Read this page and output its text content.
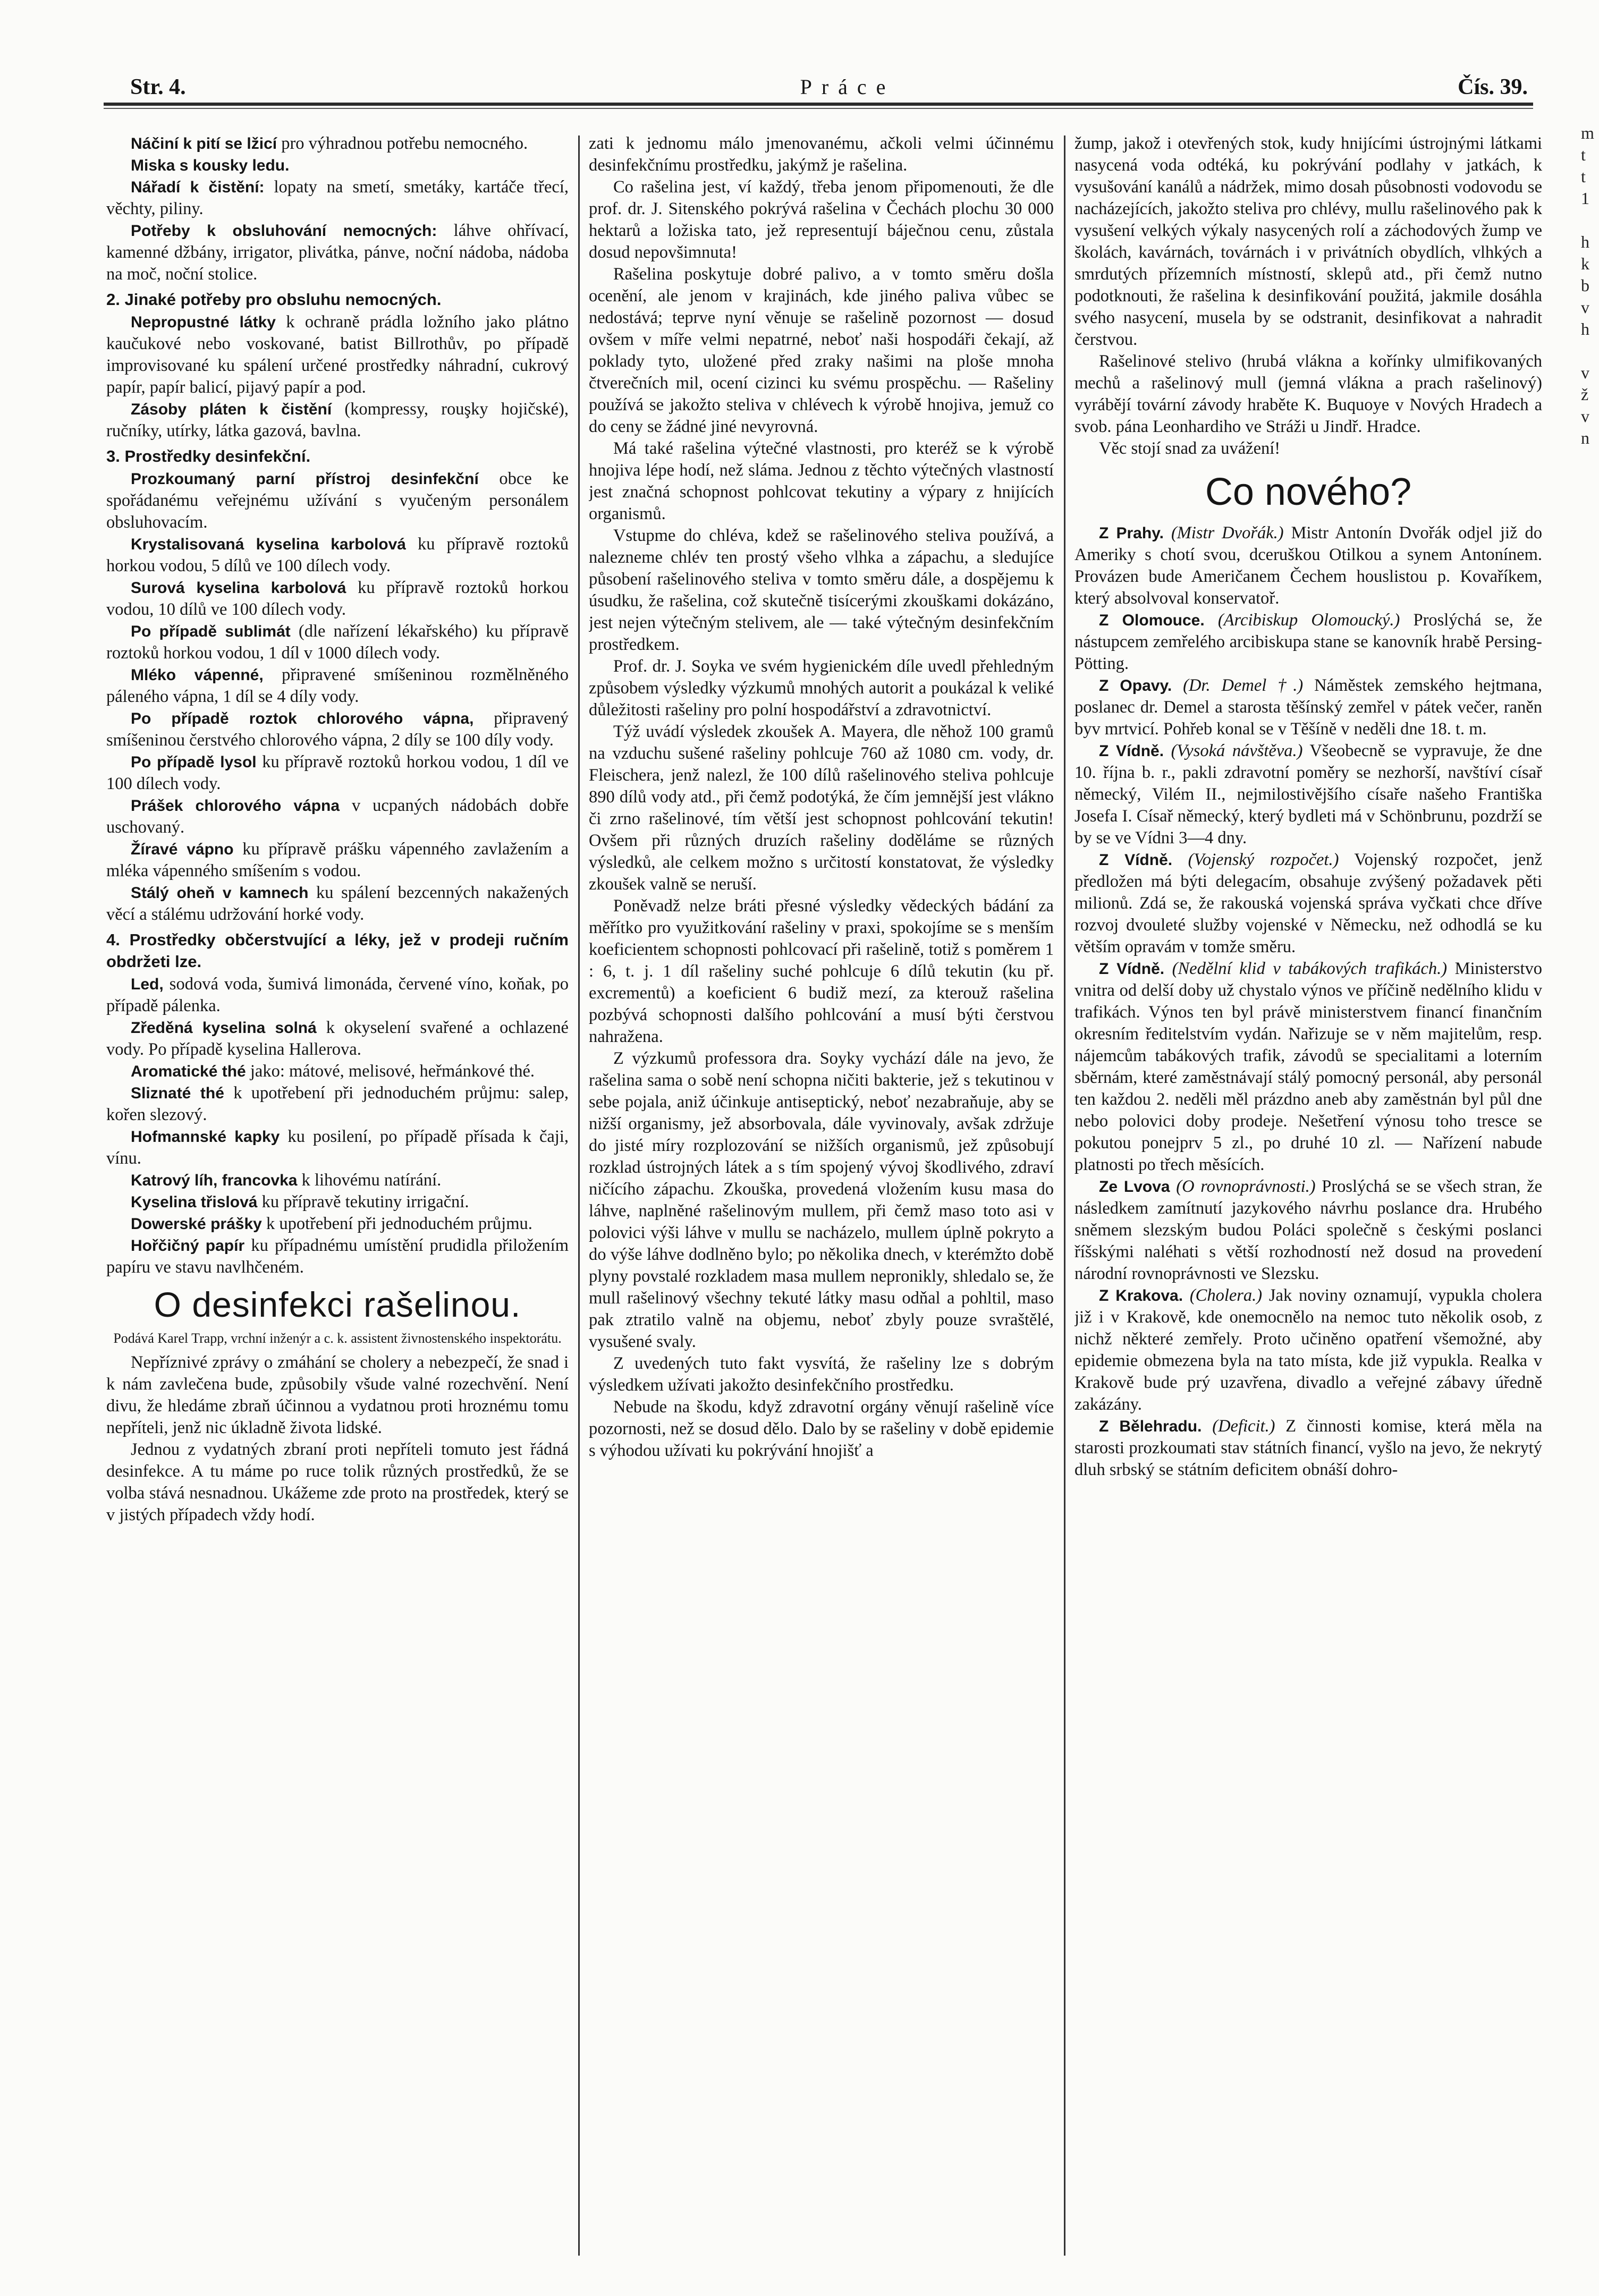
Str. 4.	Práce	Čís. 39.

Náčiní k pití se lžicí pro výhradnou potřebu nemocného.

Miska s kousky ledu.

Nářadí k čistění: lopaty na smetí, smetáky, kartáče třecí, věchty, piliny.

Potřeby k obsluhování nemocných: láhve ohřívací, kamenné džbány, irrigator, plivátka, pánve, noční nádoba, nádoba na moč, noční stolice.

2. Jinaké potřeby pro obsluhu nemocných.

Nepropustné látky k ochraně prádla ložního jako plátno kaučukové nebo voskované, batist Billrothův, po případě improvisované ku spálení určené prostředky náhradní, cukrový papír, papír balicí, pijavý papír a pod.

Zásoby pláten k čistění (kompressy, rouşky hojičské), ručníky, utírky, látka gazová, bavlna.

3. Prostředky desinfekční.

Prozkoumaný parní přístroj desinfekční obce ke spořádanému veřejnému užívání s vyučeným personálem obsluhovacím.

Krystalisovaná kyselina karbolová ku přípravě roztoků horkou vodou, 5 dílů ve 100 dílech vody.

Surová kyselina karbolová ku přípravě roztoků horkou vodou, 10 dílů ve 100 dílech vody.

Po případě sublimát (dle nařízení lékařského) ku přípravě roztoků horkou vodou, 1 díl v 1000 dílech vody.

Mléko vápenné, připravené smíšeninou rozmělněného páleného vápna, 1 díl se 4 díly vody.

Po případě roztok chlorového vápna, připravený smíšeninou čerstvého chlorového vápna, 2 díly se 100 díly vody.

Po případě lysol ku přípravě roztoků horkou vodou, 1 díl ve 100 dílech vody.

Prášek chlorového vápna v ucpaných nádobách dobře uschovaný.

Žíravé vápno ku přípravě prášku vápenného zavlažením a mléka vápenného smíšením s vodou.

Stálý oheň v kamnech ku spálení bezcenných nakažených věcí a stálému udržování horké vody.

4. Prostředky občerstvující a léky, jež v prodeji ručním obdržeti lze.

Led, sodová voda, šumivá limonáda, červené víno, koňak, po případě pálenka.

Zředěná kyselina solná k okyselení svařené a ochlazené vody. Po případě kyselina Hallerova.

Aromatické thé jako: mátové, melisové, heřmánkové thé.

Sliznaté thé k upotřebení při jednoduchém průjmu: salep, kořen slezový.

Hofmannské kapky ku posilení, po případě přísada k čaji, vínu.

Katrový líh, francovka k lihovému natírání.

Kyselina třislová ku přípravě tekutiny irrigační.

Dowerské prášky k upotřebení při jednoduchém průjmu.

Hořčičný papír ku případnému umístění prudidla přiložením papíru ve stavu navlhčeném.

O desinfekci rašelinou.

Podává Karel Trapp, vrchní inženýr a c. k. assistent živnostenského inspektorátu.

Nepříznivé zprávy o zmáhání se cholery a nebezpečí, že snad i k nám zavlečena bude, způsobily všude valné rozechvění. Není divu, že hledáme zbraň účinnou a vydatnou proti hroznému tomu nepříteli, jenž nic úkladně života lidské.

Jednou z vydatných zbraní proti nepříteli tomuto jest řádná desinfekce. A tu máme po ruce tolik různých prostředků, že se volba stává nesnadnou. Ukážeme zde proto na prostředek, který se v jistých případech vždy hodí.

zati k jednomu málo jmenovanému, ačkoli velmi účinnému desinfekčnímu prostředku, jakýmž je rašelina.

Co rašelina jest, ví každý, třeba jenom připomenouti, že dle prof. dr. J. Sitenského pokrývá rašelina v Čechách plochu 30 000 hektarů a ložiska tato, jež representují báječnou cenu, zůstala dosud nepovšimnuta!

Rašelina poskytuje dobré palivo, a v tomto směru došla ocenění, ale jenom v krajinách, kde jiného paliva vůbec se nedostává; teprve nyní věnuje se rašelině pozornost — dosud ovšem v míře velmi nepatrné, neboť naši hospodáři čekají, až poklady tyto, uložené před zraky našimi na ploše mnoha čtverečních mil, ocení cizinci ku svému prospěchu. — Rašeliny používá se jakožto steliva v chlévech k výrobě hnojiva, jemuž co do ceny se žádné jiné nevyrovná.

Má také rašelina výtečné vlastnosti, pro kteréž se k výrobě hnojiva lépe hodí, než sláma. Jednou z těchto výtečných vlastností jest značná schopnost pohlcovat tekutiny a výpary z hnijících organismů.

Vstupme do chléva, kdež se rašelinového steliva používá, a nalezneme chlév ten prostý všeho vlhka a zápachu, a sledujíce působení rašelinového steliva v tomto směru dále, a dospějemu k úsudku, že rašelina, což skutečně tisícerými zkouškami dokázáno, jest nejen výtečným stelivem, ale — také výtečným desinfekčním prostředkem.

Prof. dr. J. Soyka ve svém hygienickém díle uvedl přehledným způsobem výsledky výzkumů mnohých autorit a poukázal k veliké důležitosti rašeliny pro polní hospodářství a zdravotnictví.

Týž uvádí výsledek zkoušek A. Mayera, dle něhož 100 gramů na vzduchu sušené rašeliny pohlcuje 760 až 1080 cm. vody, dr. Fleischera, jenž nalezl, že 100 dílů rašelinového steliva pohlcuje 890 dílů vody atd., při čemž podotýká, že čím jemnější jest vlákno či zrno rašelinové, tím větší jest schopnost pohlcování tekutin! Ovšem při různých druzích rašeliny doděláme se různých výsledků, ale celkem možno s určitostí konstatovat, že výsledky zkoušek valně se neruší.

Poněvadž nelze bráti přesné výsledky vědeckých bádání za měřítko pro využitkování rašeliny v praxi, spokojíme se s menším koeficientem schopnosti pohlcovací při rašelině, totiž s poměrem 1 : 6, t. j. 1 díl rašeliny suché pohlcuje 6 dílů tekutin (ku př. excrementů) a koeficient 6 budiž mezí, za kterouž rašelina pozbývá schopnosti dalšího pohlcování a musí býti čerstvou nahražena.

Z výzkumů professora dra. Soyky vychází dále na jevo, že rašelina sama o sobě není schopna ničiti bakterie, jež s tekutinou v sebe pojala, aniž účinkuje antiseptický, neboť nezabraňuje, aby se nižší organismy, jež absorbovala, dále vyvinovaly, avšak zdržuje do jisté míry rozplozování se nižších organismů, jež způsobují rozklad ústrojných látek a s tím spojený vývoj škodlivého, zdraví ničícího zápachu. Zkouška, provedená vložením kusu masa do láhve, naplněné rašelinovým mullem, při čemž maso toto asi v polovici výši láhve v mullu se nacházelo, mullem úplně pokryto a do výše láhve dodlněno bylo; po několika dnech, v kterémžto době plyny povstalé rozkladem masa mullem nepronikly, shledalo se, že mull rašelinový všechny tekuté látky masu odňal a pohltil, maso pak ztratilo valně na objemu, neboť zbyly pouze svraštělé, vysušené svaly.

Z uvedených tuto fakt vysvítá, že rašeliny lze s dobrým výsledkem užívati jakožto desinfekčního prostředku.

Nebude na škodu, když zdravotní orgány věnují rašelině více pozornosti, než se dosud dělo. Dalo by se rašeliny v době epidemie s výhodou užívati ku pokrývání hnojišť a

žump, jakož i otevřených stok, kudy hnijícími ústrojnými látkami nasycená voda odtéká, ku pokrývání podlahy v jatkách, k vysušování kanálů a nádržek, mimo dosah působnosti vodovodu se nacházejících, jakožto steliva pro chlévy, mullu rašelinového pak k vysušení velkých výkaly nasycených rolí a záchodových žump ve školách, kavárnách, továrnách i v privátních obydlích, vlhkých a smrdutých přízemních místností, sklepů atd., při čemž nutno podotknouti, že rašelina k desinfikování použitá, jakmile dosáhla svého nasycení, musela by se odstranit, desinfikovat a nahradit čerstvou.

Rašelinové stelivo (hrubá vlákna a kořínky ulmifikovaných mechů a rašelinový mull (jemná vlákna a prach rašelinový) vyrábějí tovární závody hraběte K. Buquoye v Nových Hradech a svob. pána Leonhardiho ve Stráži u Jindř. Hradce.

Věc stojí snad za uvážení!

Co nového?

Z Prahy. (Mistr Dvořák.) Mistr Antonín Dvořák odjel již do Ameriky s chotí svou, dceruškou Otilkou a synem Antonínem. Provázen bude Američanem Čechem houslistou p. Kovaříkem, který absolvoval konservatoř.

Z Olomouce. (Arcibiskup Olomoucký.) Proslýchá se, že nástupcem zemřelého arcibiskupa stane se kanovník hrabě Persing-Pötting.

Z Opavy. (Dr. Demel †.) Náměstek zemského hejtmana, poslanec dr. Demel a starosta těšínský zemřel v pátek večer, raněn byv mrtvicí. Pohřeb konal se v Těšíně v neděli dne 18. t. m.

Z Vídně. (Vysoká návštěva.) Všeobecně se vypravuje, že dne 10. října b. r., pakli zdravotní poměry se nezhorší, navštíví císař německý, Vilém II., nejmilostivějšího císaře našeho Františka Josefa I. Císař německý, který bydleti má v Schönbrunu, pozdrží se by se ve Vídni 3—4 dny.

Z Vídně. (Vojenský rozpočet.) Vojenský rozpočet, jenž předložen má býti delegacím, obsahuje zvýšený požadavek pěti milionů. Zdá se, že rakouská vojenská správa vyčkati chce dříve rozvoj dvouleté služby vojenské v Německu, než odhodlá se ku větším opravám v tomže směru.

Z Vídně. (Nedělní klid v tabákových trafikách.) Ministerstvo vnitra od delší doby už chystalo výnos ve příčině nedělního klidu v trafikách. Výnos ten byl právě ministerstvem financí finančním okresním ředitelstvím vydán. Nařizuje se v něm majitelům, resp. nájemcům tabákových trafik, závodů se specialitami a loterním sběrnám, které zaměstnávají stálý pomocný personál, aby personál ten každou 2. neděli měl prázdno aneb aby zaměstnán byl půl dne nebo polovici doby prodeje. Nešetření výnosu toho tresce se pokutou ponejprv 5 zl., po druhé 10 zl. — Nařízení nabude platnosti po třech měsících.

Ze Lvova (O rovnoprávnosti.) Proslýchá se se všech stran, že následkem zamítnutí jazykového návrhu poslance dra. Hrubého sněmem slezským budou Poláci společně s českými poslanci říšskými naléhati s větší rozhodností než dosud na provedení národní rovnoprávnosti ve Slezsku.

Z Krakova. (Cholera.) Jak noviny oznamují, vypukla cholera již i v Krakově, kde onemocnělo na nemoc tuto několik osob, z nichž některé zemřely. Proto učiněno opatření všemožné, aby epidemie obmezena byla na tato místa, kde již vypukla. Realka v Krakově bude prý uzavřena, divadlo a veřejné zábavy úředně zakázány.

Z Bělehradu. (Deficit.) Z činnosti komise, která měla na starosti prozkoumati stav státních financí, vyšlo na jevo, že nekrytý dluh srbský se státním deficitem obnáší dohro-

m
t
t
1

h
k
b
v
h

v
ž
v
n
